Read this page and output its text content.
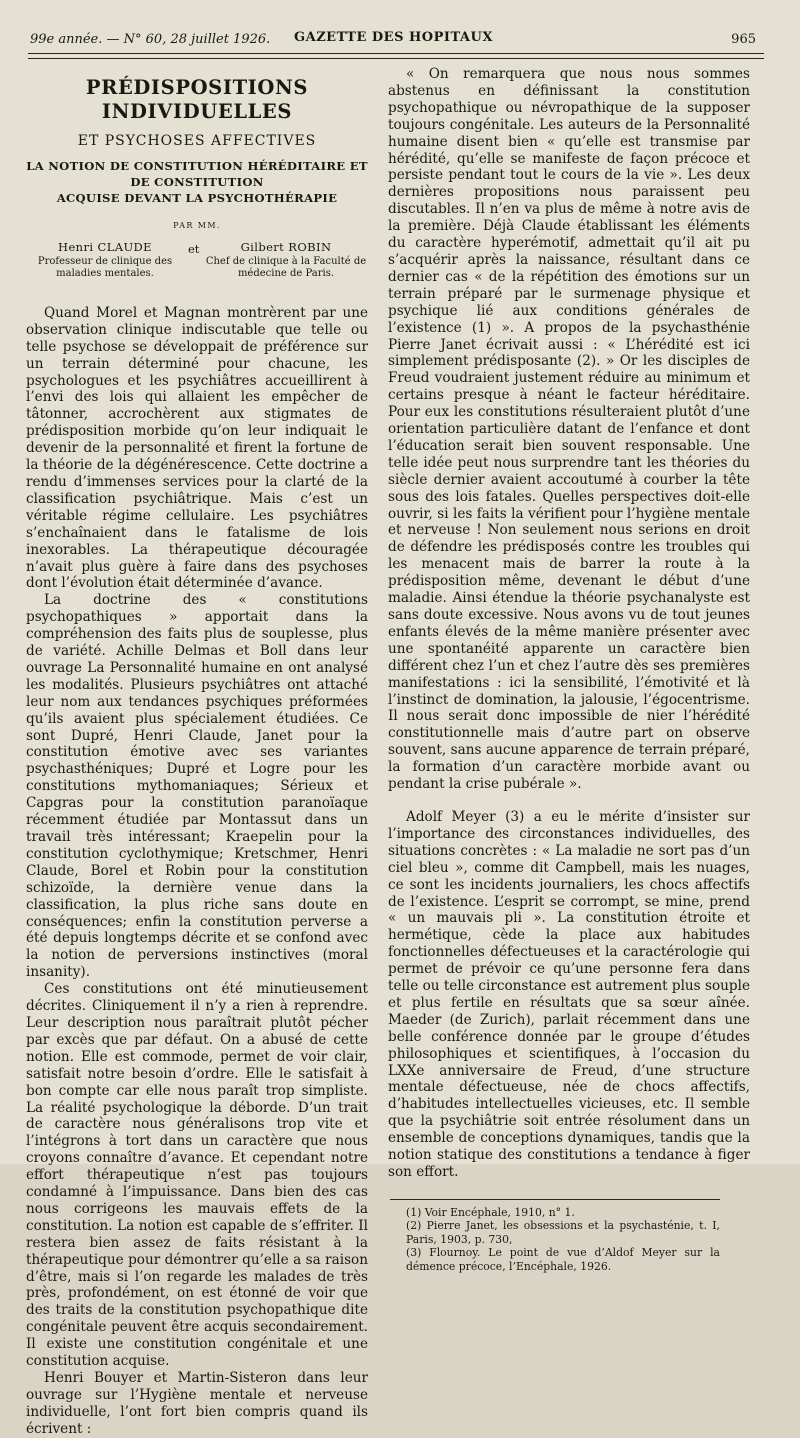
99e année. — N° 60, 28 juillet 1926. GAZETTE DES HOPITAUX	965
PRÉDISPOSITIONS INDIVIDUELLES
ET PSYCHOSES AFFECTIVES
LA NOTION DE CONSTITUTION HÉRÉDITAIRE ET DE CONSTITUTION
ACQUISE DEVANT LA PSYCHOTHÉRAPIE
PAR MM.
Henri CLAUDE
Professeur de clinique des maladies mentales.
et	Gilbert ROBIN
Chef de clinique à la Faculté de médecine de Paris.

Quand Morel et Magnan montrèrent par une observation clinique indiscutable que telle ou telle psychose se développait de préférence sur un terrain déterminé pour chacune, les psychologues et les psychiâtres accueillirent à l’envi des lois qui allaient les empêcher de tâtonner, accrochèrent aux stigmates de prédisposition morbide qu’on leur indiquait le devenir de la personnalité et firent la fortune de la théorie de la dégénérescence. Cette doctrine a rendu d’immenses services pour la clarté de la classification psychiâtrique. Mais c’est un véritable régime cellulaire. Les psychiâtres s’enchaînaient dans le fatalisme de lois inexorables. La thérapeutique découragée n’avait plus guère à faire dans des psychoses dont l’évolution était déterminée d’avance.

La doctrine des « constitutions psychopathiques » apportait dans la compréhension des faits plus de souplesse, plus de variété. Achille Delmas et Boll dans leur ouvrage La Personnalité humaine en ont analysé les modalités. Plusieurs psychiâtres ont attaché leur nom aux tendances psychiques préformées qu’ils avaient plus spécialement étudiées. Ce sont Dupré, Henri Claude, Janet pour la constitution émotive avec ses variantes psychasthéniques; Dupré et Logre pour les constitutions mythomaniaques; Sérieux et Capgras pour la constitution paranoïaque récemment étudiée par Montassut dans un travail très intéressant; Kraepelin pour la constitution cyclothymique; Kretschmer, Henri Claude, Borel et Robin pour la constitution schizoïde, la dernière venue dans la classification, la plus riche sans doute en conséquences; enfin la constitution perverse a été depuis longtemps décrite et se confond avec la notion de perversions instinctives (moral insanity).

Ces constitutions ont été minutieusement décrites. Cliniquement il n’y a rien à reprendre. Leur description nous paraîtrait plutôt pécher par excès que par défaut. On a abusé de cette notion. Elle est commode, permet de voir clair, satisfait notre besoin d’ordre. Elle le satisfait à bon compte car elle nous paraît trop simpliste. La réalité psychologique la déborde. D’un trait de caractère nous généralisons trop vite et l’intégrons à tort dans un caractère que nous croyons connaître d’avance. Et cependant notre effort thérapeutique n’est pas toujours condamné à l’impuissance. Dans bien des cas nous corrigeons les mauvais effets de la constitution. La notion est capable de s’effriter. Il restera bien assez de faits résistant à la thérapeutique pour démontrer qu’elle a sa raison d’être, mais si l’on regarde les malades de très près, profondément, on est étonné de voir que des traits de la constitution psychopathique dite congénitale peuvent être acquis secondairement. Il existe une constitution congénitale et une constitution acquise.

Henri Bouyer et Martin-Sisteron dans leur ouvrage sur l’Hygiène mentale et nerveuse individuelle, l’ont fort bien compris quand ils écrivent :

« On remarquera que nous nous sommes abstenus en définissant la constitution psychopathique ou névropathique de la supposer toujours congénitale. Les auteurs de la Personnalité humaine disent bien « qu’elle est transmise par hérédité, qu’elle se manifeste de façon précoce et persiste pendant tout le cours de la vie ». Les deux dernières propositions nous paraissent peu discutables. Il n’en va plus de même à notre avis de la première. Déjà Claude établissant les éléments du caractère hyperémotif, admettait qu’il ait pu s’acquérir après la naissance, résultant dans ce dernier cas « de la répétition des émotions sur un terrain préparé par le surmenage physique et psychique lié aux conditions générales de l’existence (1) ». A propos de la psychasthénie Pierre Janet écrivait aussi : « L’hérédité est ici simplement prédisposante (2). » Or les disciples de Freud voudraient justement réduire au minimum et certains presque à néant le facteur héréditaire. Pour eux les constitutions résulteraient plutôt d’une orientation particulière datant de l’enfance et dont l’éducation serait bien souvent responsable. Une telle idée peut nous surprendre tant les théories du siècle dernier avaient accoutumé à courber la tête sous des lois fatales. Quelles perspectives doit-elle ouvrir, si les faits la vérifient pour l’hygiène mentale et nerveuse ! Non seulement nous serions en droit de défendre les prédisposés contre les troubles qui les menacent mais de barrer la route à la prédisposition même, devenant le début d’une maladie. Ainsi étendue la théorie psychanalyste est sans doute excessive. Nous avons vu de tout jeunes enfants élevés de la même manière présenter avec une spontanéité apparente un caractère bien différent chez l’un et chez l’autre dès ses premières manifestations : ici la sensibilité, l’émotivité et là l’instinct de domination, la jalousie, l’égocentrisme. Il nous serait donc impossible de nier l’hérédité constitutionnelle mais d’autre part on observe souvent, sans aucune apparence de terrain préparé, la formation d’un caractère morbide avant ou pendant la crise pubérale ».

Adolf Meyer (3) a eu le mérite d’insister sur l’importance des circonstances individuelles, des situations concrètes : « La maladie ne sort pas d’un ciel bleu », comme dit Campbell, mais les nuages, ce sont les incidents journaliers, les chocs affectifs de l’existence. L’esprit se corrompt, se mine, prend « un mauvais pli ». La constitution étroite et hermétique, cède la place aux habitudes fonctionnelles défectueuses et la caractérologie qui permet de prévoir ce qu’une personne fera dans telle ou telle circonstance est autrement plus souple et plus fertile en résultats que sa sœur aînée. Maeder (de Zurich), parlait récemment dans une belle conférence donnée par le groupe d’études philosophiques et scientifiques, à l’occasion du LXXe anniversaire de Freud, d’une structure mentale défectueuse, née de chocs affectifs, d’habitudes intellectuelles vicieuses, etc. Il semble que la psychiâtrie soit entrée résolument dans un ensemble de conceptions dynamiques, tandis que la notion statique des constitutions a tendance à figer son effort.

(1) Voir Encéphale, 1910, n° 1.

(2) Pierre Janet, les obsessions et la psychasténie, t. I, Paris, 1903, p. 730,

(3) Flournoy. Le point de vue d’Aldof Meyer sur la démence précoce, l’Encéphale, 1926.
